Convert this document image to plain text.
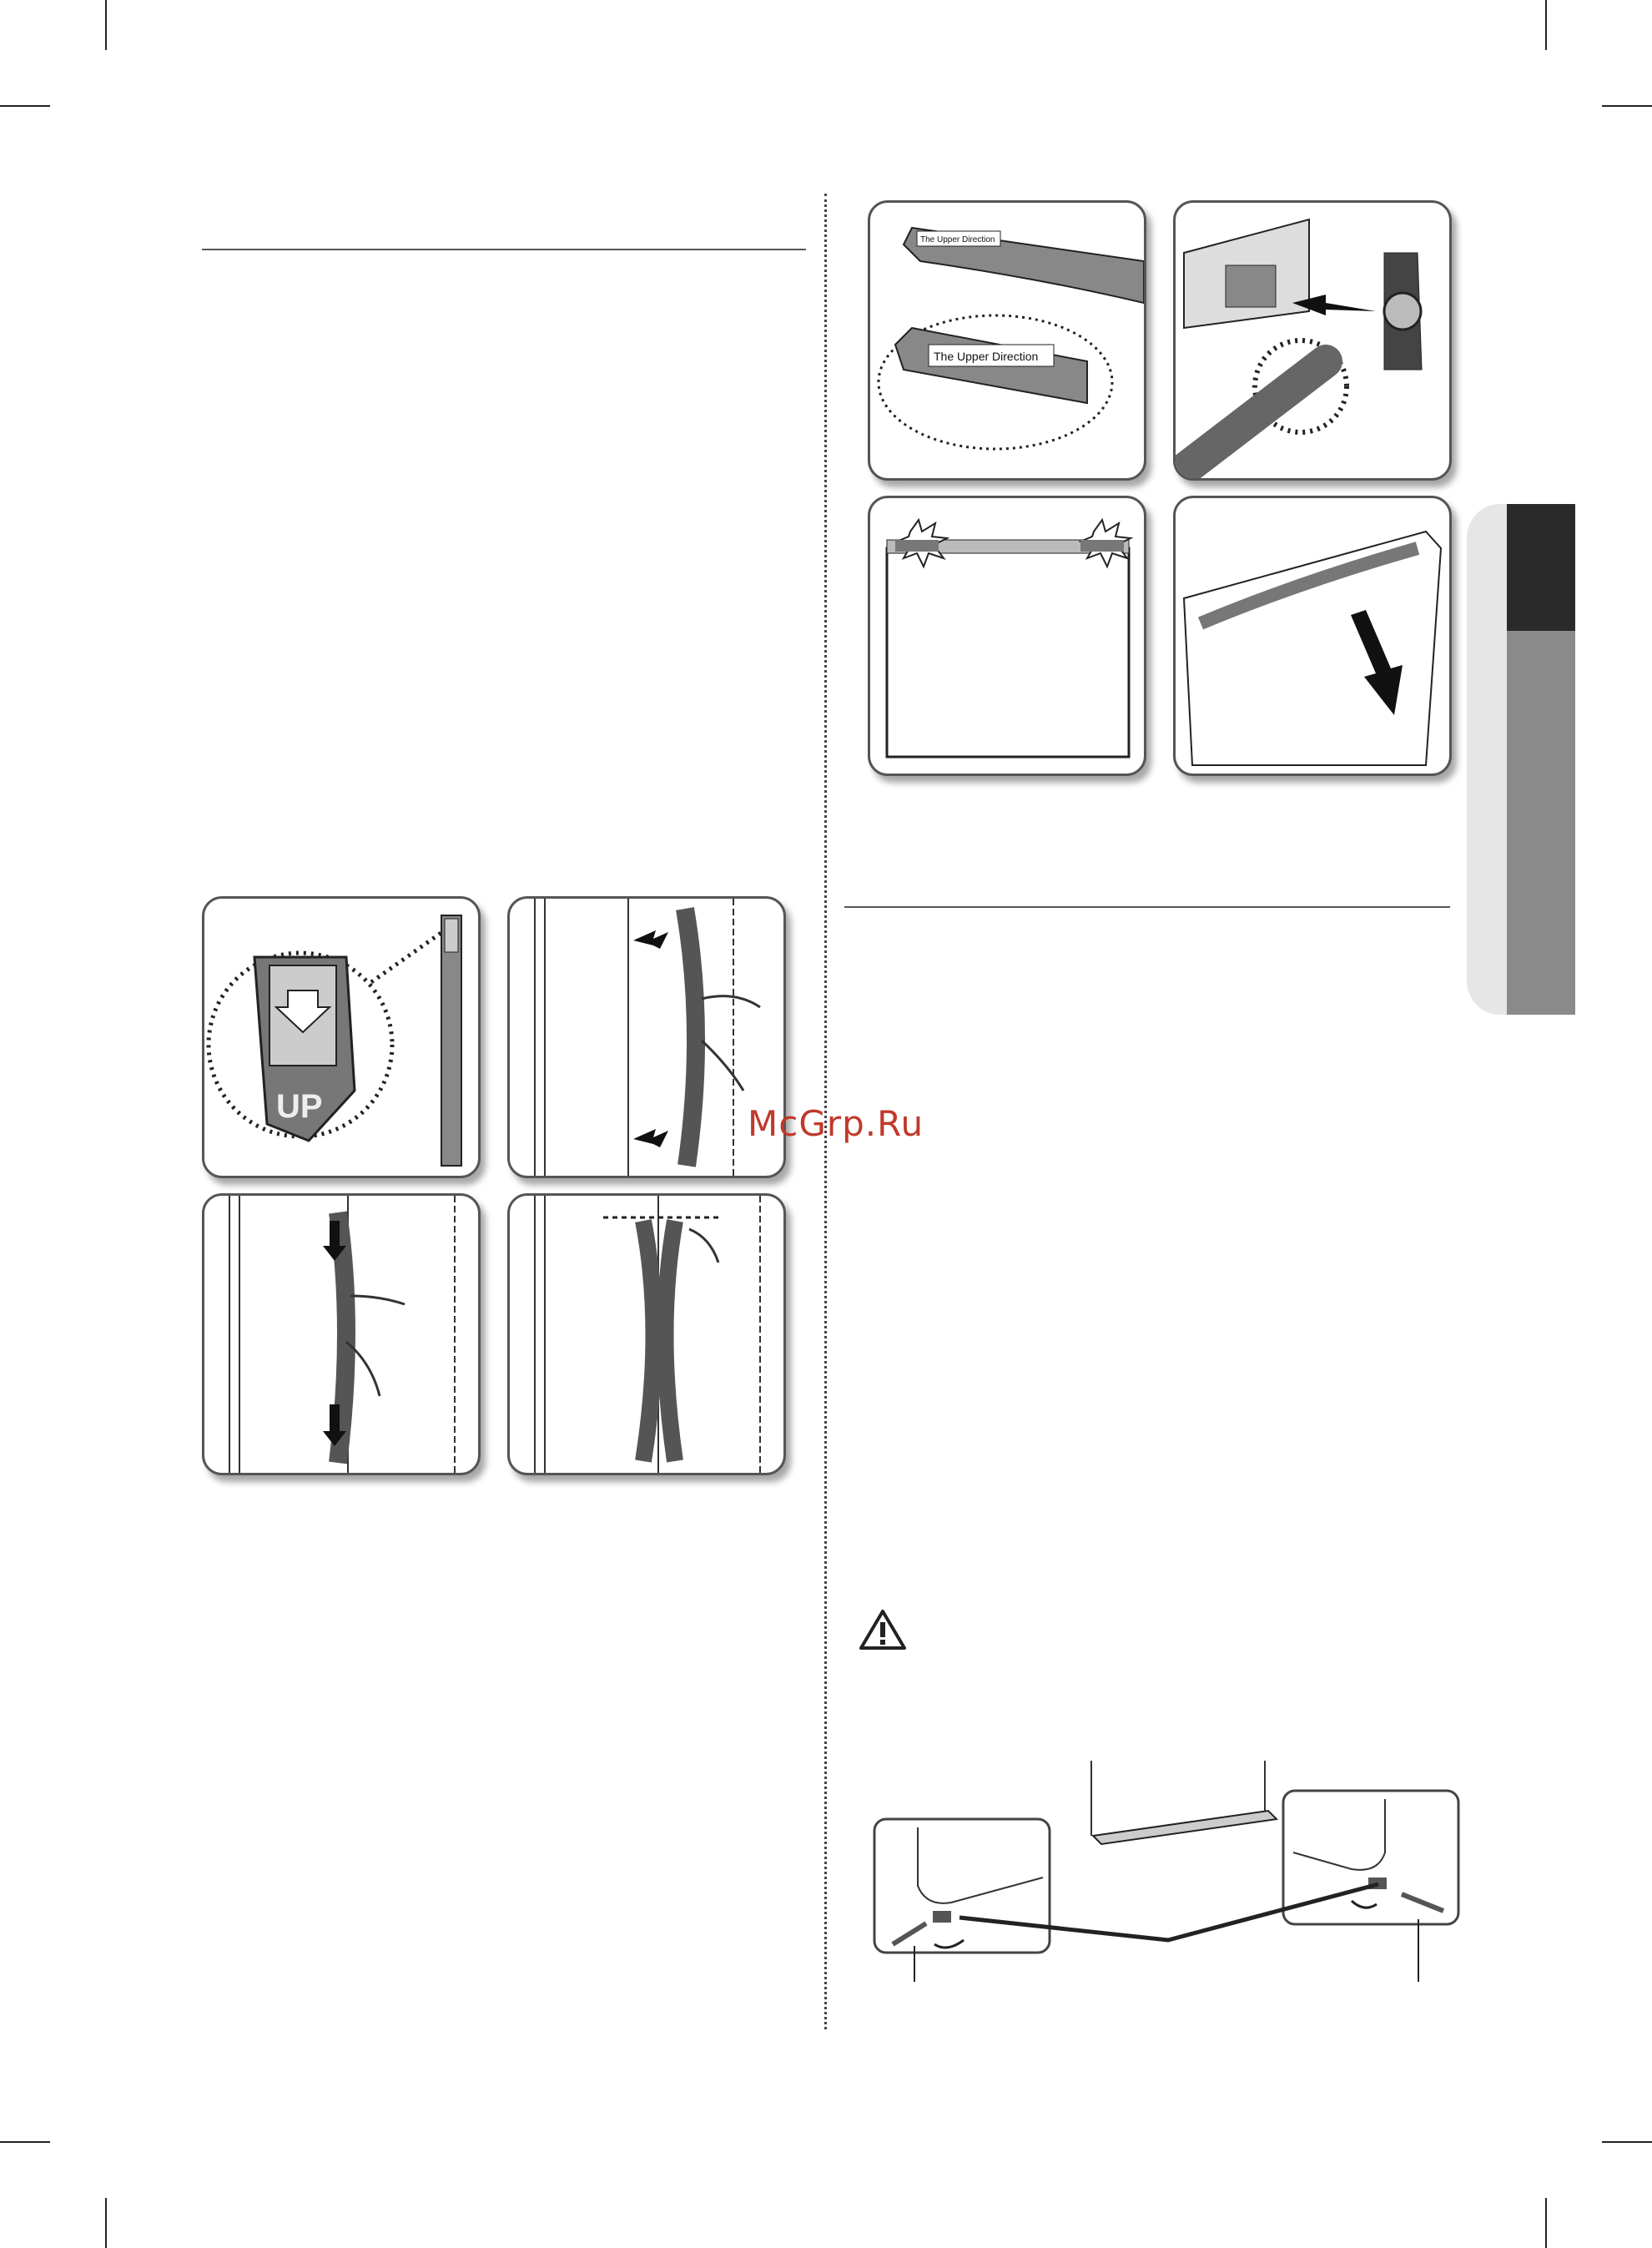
UP
The Upper Direction
The Upper Direction
McGrp.Ru
